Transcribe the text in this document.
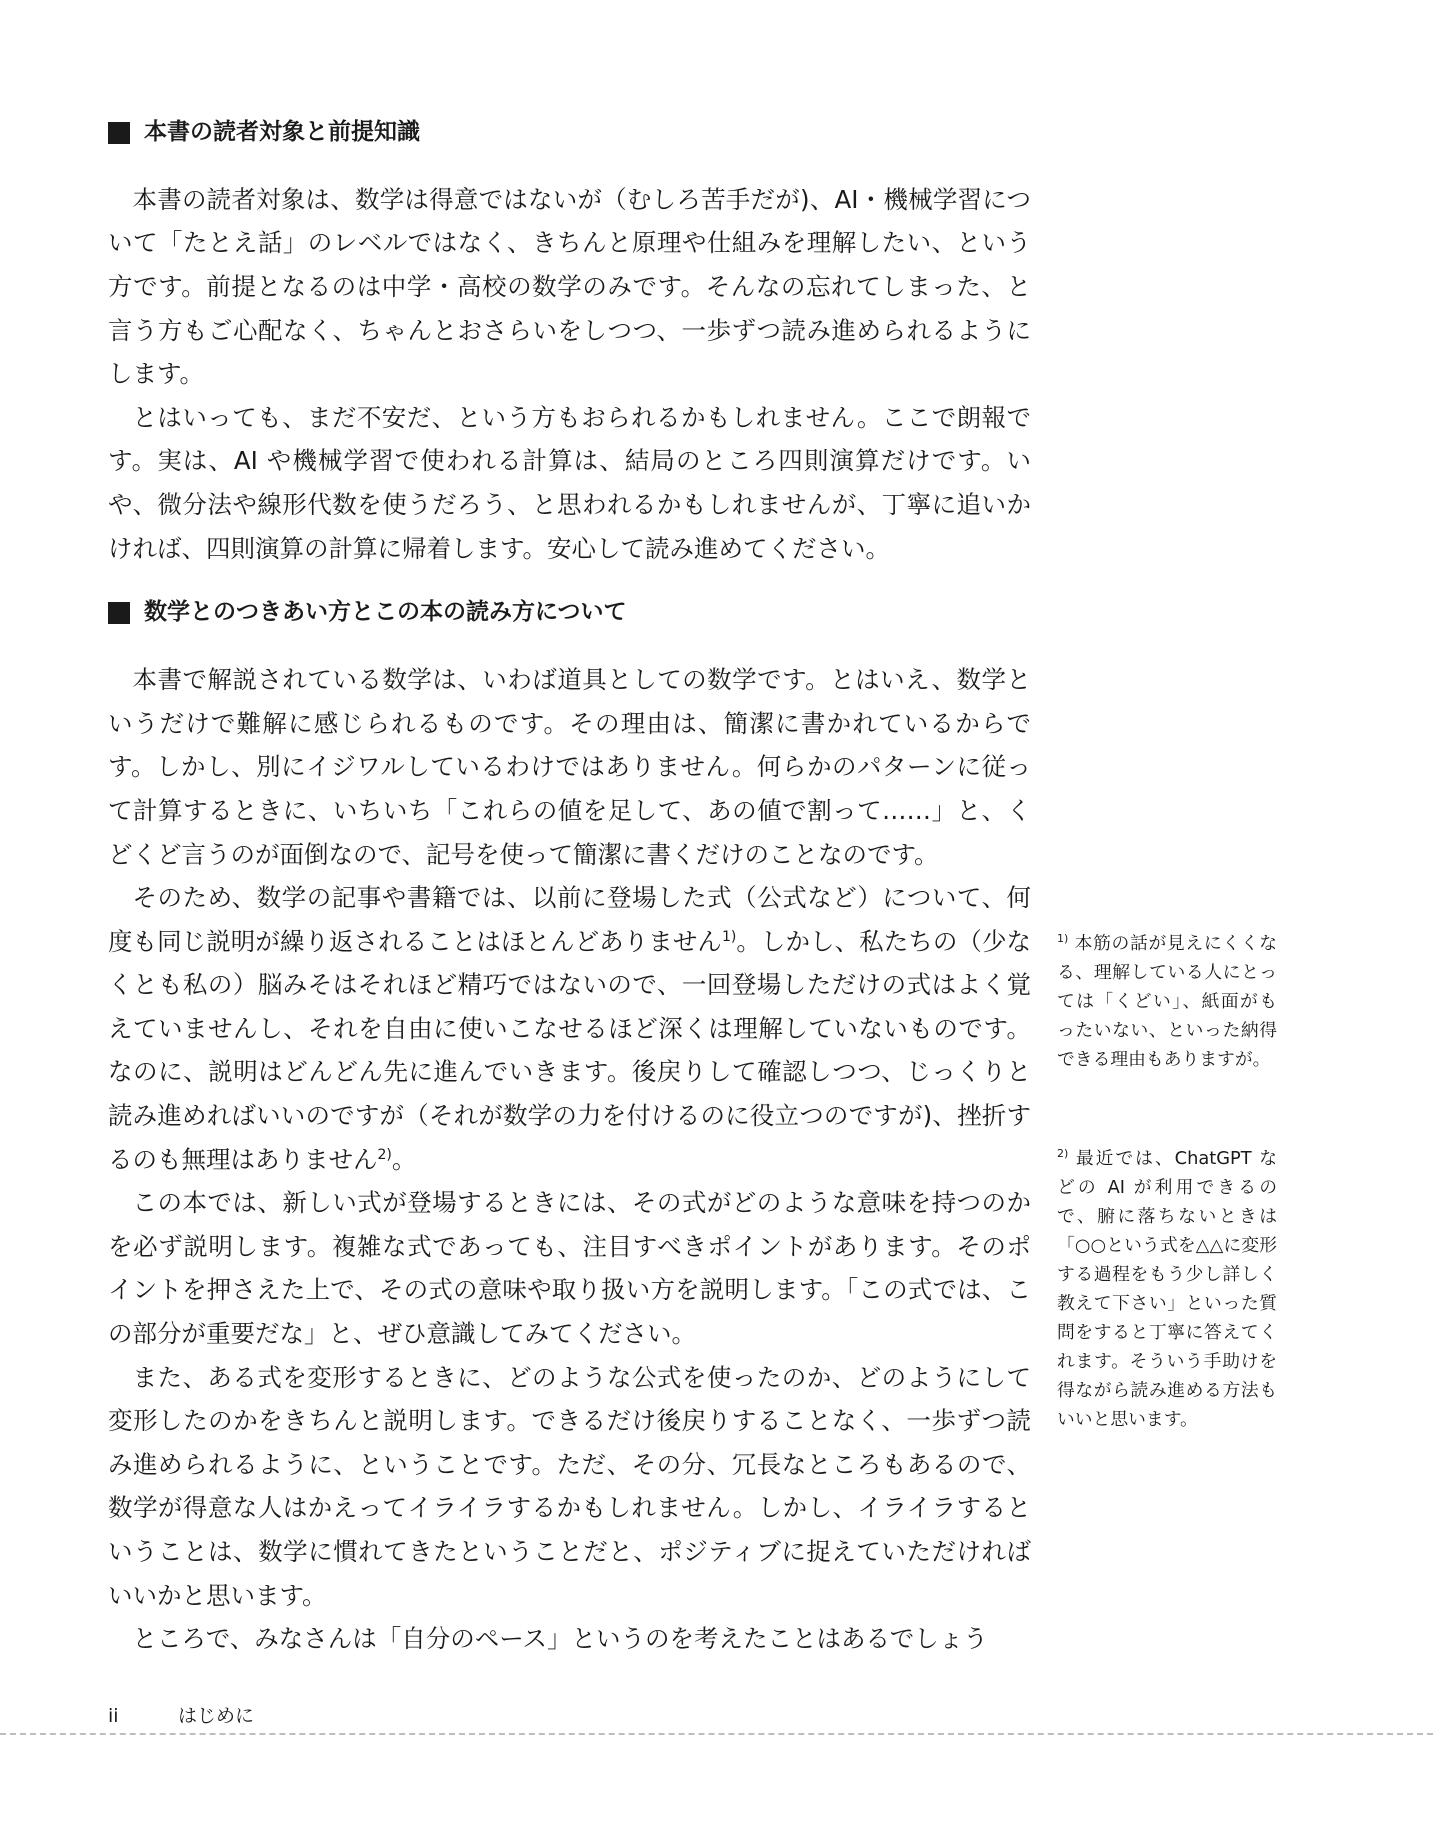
本書の読者対象と前提知識

本書の読者対象は、数学は得意ではないが（むしろ苦手だが)、AI・機械学習について「たとえ話」のレベルではなく、きちんと原理や仕組みを理解したい、という方です。前提となるのは中学・高校の数学のみです。そんなの忘れてしまった、と言う方もご心配なく、ちゃんとおさらいをしつつ、一歩ずつ読み進められるようにします。

とはいっても、まだ不安だ、という方もおられるかもしれません。ここで朗報です。実は、AI や機械学習で使われる計算は、結局のところ四則演算だけです。いや、微分法や線形代数を使うだろう、と思われるかもしれませんが、丁寧に追いかければ、四則演算の計算に帰着します。安心して読み進めてください。

数学とのつきあい方とこの本の読み方について

本書で解説されている数学は、いわば道具としての数学です。とはいえ、数学というだけで難解に感じられるものです。その理由は、簡潔に書かれているからです。しかし、別にイジワルしているわけではありません。何らかのパターンに従って計算するときに、いちいち「これらの値を足して、あの値で割って……」と、くどくど言うのが面倒なので、記号を使って簡潔に書くだけのことなのです。

そのため、数学の記事や書籍では、以前に登場した式（公式など）について、何度も同じ説明が繰り返されることはほとんどありません$^{1)}$。しかし、私たちの（少なくとも私の）脳みそはそれほど精巧ではないので、一回登場しただけの式はよく覚えていませんし、それを自由に使いこなせるほど深くは理解していないものです。なのに、説明はどんどん先に進んでいきます。後戻りして確認しつつ、じっくりと読み進めればいいのですが（それが数学の力を付けるのに役立つのですが)、挫折するのも無理はありません$^{2)}$。

この本では、新しい式が登場するときには、その式がどのような意味を持つのかを必ず説明します。複雑な式であっても、注目すべきポイントがあります。そのポイントを押さえた上で、その式の意味や取り扱い方を説明します。「この式では、この部分が重要だな」と、ぜひ意識してみてください。

また、ある式を変形するときに、どのような公式を使ったのか、どのようにして変形したのかをきちんと説明します。できるだけ後戻りすることなく、一歩ずつ読み進められるように、ということです。ただ、その分、冗長なところもあるので、数学が得意な人はかえってイライラするかもしれません。しかし、イライラするということは、数学に慣れてきたということだと、ポジティブに捉えていただければいいかと思います。

ところで、みなさんは「自分のペース」というのを考えたことはあるでしょう

$^{1)}$ 本筋の話が見えにくくなる、理解している人にとっては「くどい」、紙面がもったいない、といった納得できる理由もありますが。

$^{2)}$ 最近では、ChatGPT などの AI が利用できるので、腑に落ちないときは「○○という式を△△に変形する過程をもう少し詳しく教えて下さい」といった質問をすると丁寧に答えてくれます。そういう手助けを得ながら読み進める方法もいいと思います。

ii	はじめに
